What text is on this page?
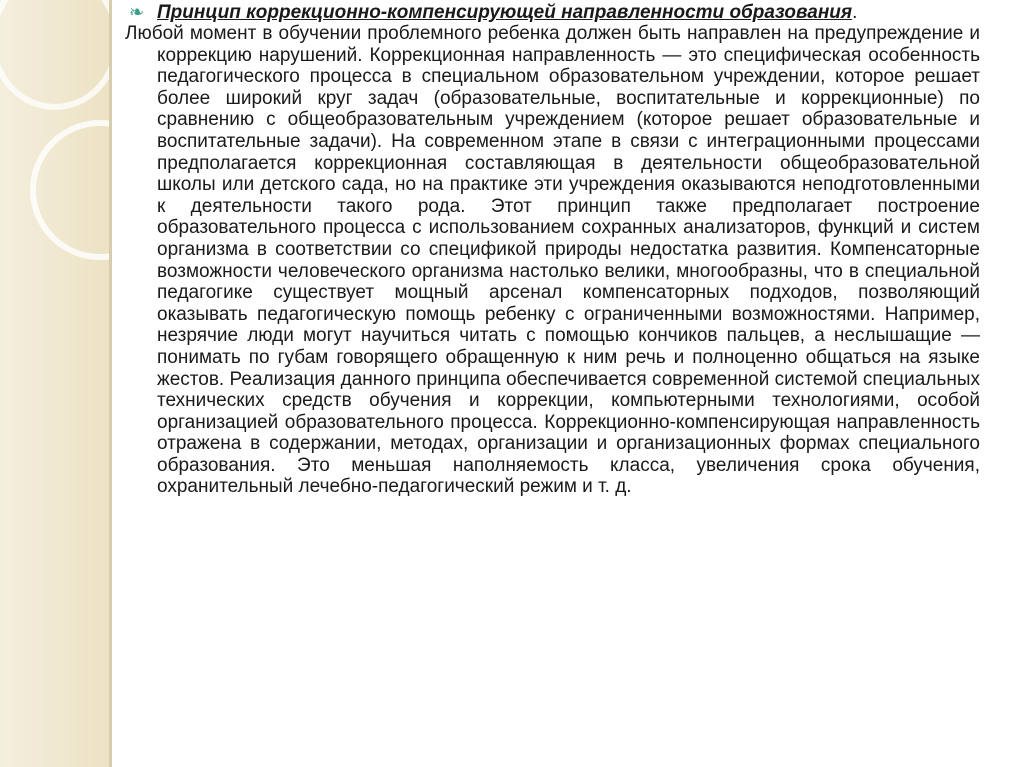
❧ Принцип коррекционно-компенсирующей направленности образования.

Любой момент в обучении проблемного ребенка должен быть направлен на предупреждение и коррекцию нарушений. Коррекционная направленность — это специфическая особенность педагогического процесса в специальном образовательном учреждении, которое решает более широкий круг задач (образовательные, воспитательные и коррекционные) по сравнению с общеобразовательным учреждением (которое решает образовательные и воспитательные задачи). На современном этапе в связи с интеграционными процессами предполагается коррекционная составляющая в деятельности общеобразовательной школы или детского сада, но на практике эти учреждения оказываются неподготовленными к деятельности такого рода. Этот принцип также предполагает построение образовательного процесса с использованием сохранных анализаторов, функций и систем организма в соответствии со спецификой природы недостатка развития. Компенсаторные возможности человеческого организма настолько велики, многообразны, что в специальной педагогике существует мощный арсенал компенсаторных подходов, позволяющий оказывать педагогическую помощь ребенку с ограниченными возможностями. Например, незрячие люди могут научиться читать с помощью кончиков пальцев, а неслышащие — понимать по губам говорящего обращенную к ним речь и полноценно общаться на языке жестов. Реализация данного принципа обеспечивается современной системой специальных технических средств обучения и коррекции, компьютерными технологиями, особой организацией образовательного процесса. Коррекционно-компенсирующая направленность отражена в содержании, методах, организации и организационных формах специального образования. Это меньшая наполняемость класса, увеличения срока обучения, охранительный лечебно-педагогический режим и т. д.
